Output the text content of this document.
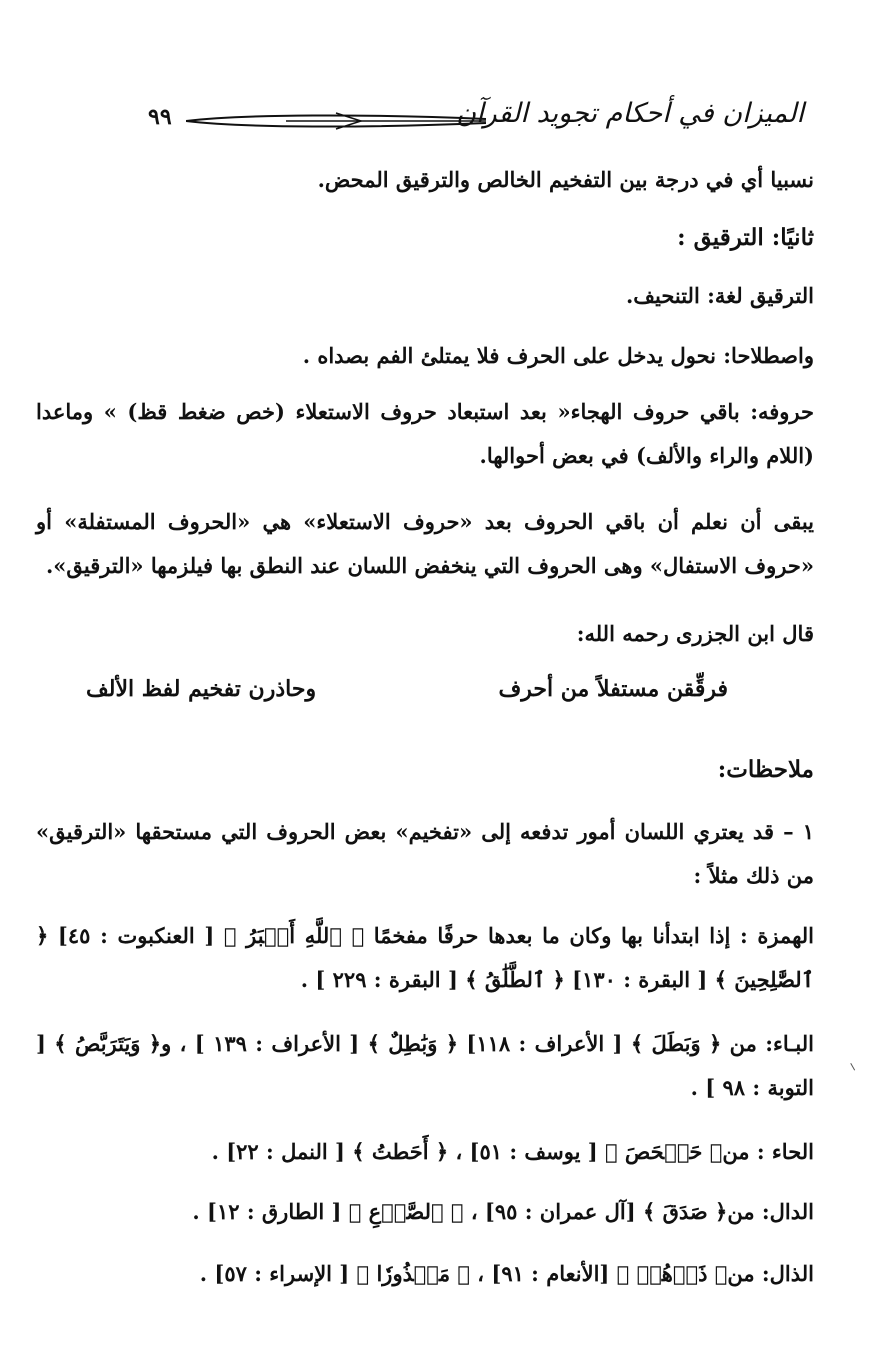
٩٩	الميزان في أحكام تجويد القرآن

نسبيا أي في درجة بين التفخيم الخالص والترقيق المحض.

ثانيًا: الترقيق :

الترقيق لغة: التنحيف.

واصطلاحا: نحول يدخل على الحرف فلا يمتلئ الفم بصداه .

حروفه: باقي حروف الهجاء« بعد استبعاد حروف الاستعلاء (خص ضغط قظ) » وماعدا (اللام والراء والألف) في بعض أحوالها.

يبقى أن نعلم أن باقي الحروف بعد «حروف الاستعلاء» هي «الحروف المستفلة» أو «حروف الاستفال» وهى الحروف التي ينخفض اللسان عند النطق بها فيلزمها «الترقيق».

قال ابن الجزرى رحمه الله:

فرقِّقن مستفلاً من أحرف
وحاذرن تفخيم لفظ الألف

ملاحظات:

١ – قد يعتري اللسان أمور تدفعه إلى «تفخيم» بعض الحروف التي مستحقها «الترقيق» من ذلك مثلاً :

الهمزة : إذا ابتدأنا بها وكان ما بعدها حرفًا مفخمًا ﴿ ٱللَّهِ أَكۡبَرُ ﴾ [ العنكبوت : ٤٥] ﴿ ٱلصَّٰلِحِينَ ﴾ [ البقرة : ١٣٠] ﴿ ٱلطَّلَٰقُ ﴾ [ البقرة : ٢٢٩ ] .

البـاء: من ﴿ وَبَطَلَ ﴾ [ الأعراف : ١١٨] ﴿ وَبَٰطِلٌ ﴾ [ الأعراف : ١٣٩ ] ، و﴿ وَيَتَرَبَّصُ ﴾ [ التوبة : ٩٨ ] .

الحاء : من﴿ حَصۡحَصَ ﴾ [ يوسف : ٥١] ، ﴿ أَحَطتُ ﴾ [ النمل : ٢٢] .

الدال: من﴿ صَدَقَ ﴾ [آل عمران : ٩٥] ، ﴿ ٱلصَّدۡعِ ﴾ [ الطارق : ١٢] .

الذال: من﴿ ذَرۡهُمۡ ﴾ [الأنعام : ٩١] ، ﴿ مَحۡذُورٗا ﴾ [ الإسراء : ٥٧] .
